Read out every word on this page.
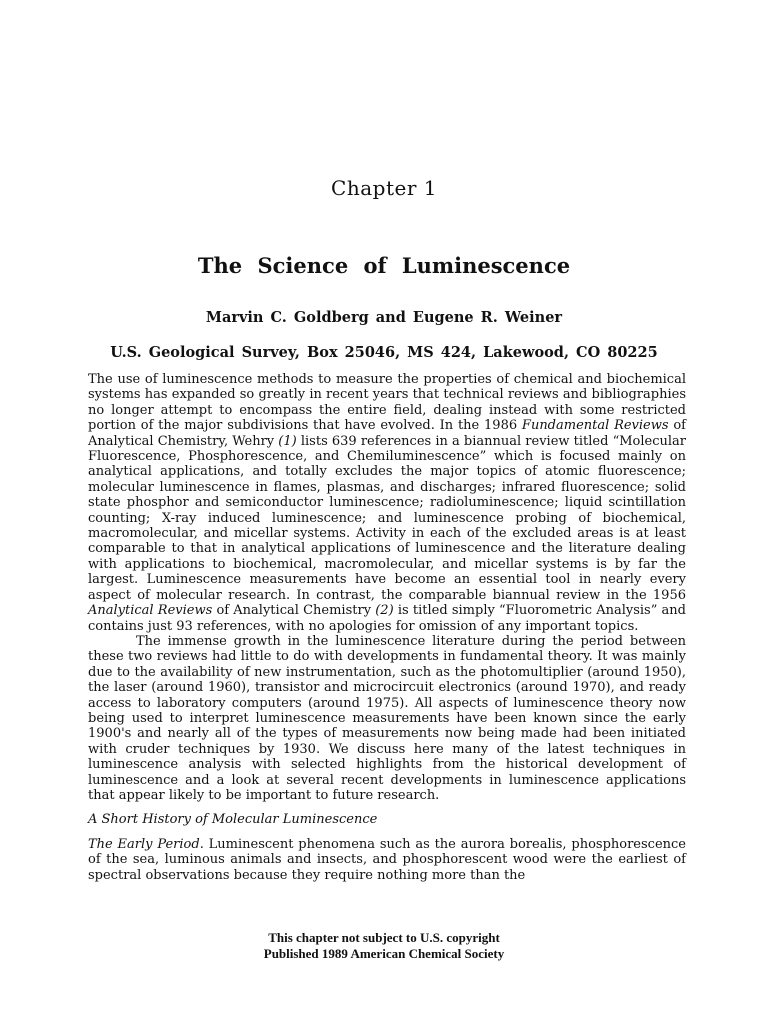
Chapter 1
The Science of Luminescence
Marvin C. Goldberg and Eugene R. Weiner
U.S. Geological Survey, Box 25046, MS 424, Lakewood, CO 80225

The use of luminescence methods to measure the properties of chemical and biochemical systems has expanded so greatly in recent years that technical reviews and bibliographies no longer attempt to encompass the entire field, dealing instead with some restricted portion of the major subdivisions that have evolved. In the 1986 Fundamental Reviews of Analytical Chemistry, Wehry (1) lists 639 references in a biannual review titled “Molecular Fluorescence, Phosphorescence, and Chemiluminescence” which is focused mainly on analytical applications, and totally excludes the major topics of atomic fluorescence; molecular luminescence in flames, plasmas, and discharges; infrared fluorescence; solid state phosphor and semiconductor luminescence; radioluminescence; liquid scintillation counting; X-ray induced luminescence; and luminescence probing of biochemical, macromolecular, and micellar systems. Activity in each of the excluded areas is at least comparable to that in analytical applications of luminescence and the literature dealing with applications to biochemical, macromolecular, and micellar systems is by far the largest. Luminescence measurements have become an essential tool in nearly every aspect of molecular research. In contrast, the comparable biannual review in the 1956 Analytical Reviews of Analytical Chemistry (2) is titled simply “Fluorometric Analysis” and contains just 93 references, with no apologies for omission of any important topics.

The immense growth in the luminescence literature during the period between these two reviews had little to do with developments in fundamental theory. It was mainly due to the availability of new instrumentation, such as the photomultiplier (around 1950), the laser (around 1960), transistor and microcircuit electronics (around 1970), and ready access to laboratory computers (around 1975). All aspects of luminescence theory now being used to interpret luminescence measurements have been known since the early 1900's and nearly all of the types of measurements now being made had been initiated with cruder techniques by 1930. We discuss here many of the latest techniques in luminescence analysis with selected highlights from the historical development of luminescence and a look at several recent developments in luminescence applications that appear likely to be important to future research.

A Short History of Molecular Luminescence

The Early Period. Luminescent phenomena such as the aurora borealis, phosphorescence of the sea, luminous animals and insects, and phosphorescent wood were the earliest of spectral observations because they require nothing more than the

This chapter not subject to U.S. copyright
Published 1989 American Chemical Society
